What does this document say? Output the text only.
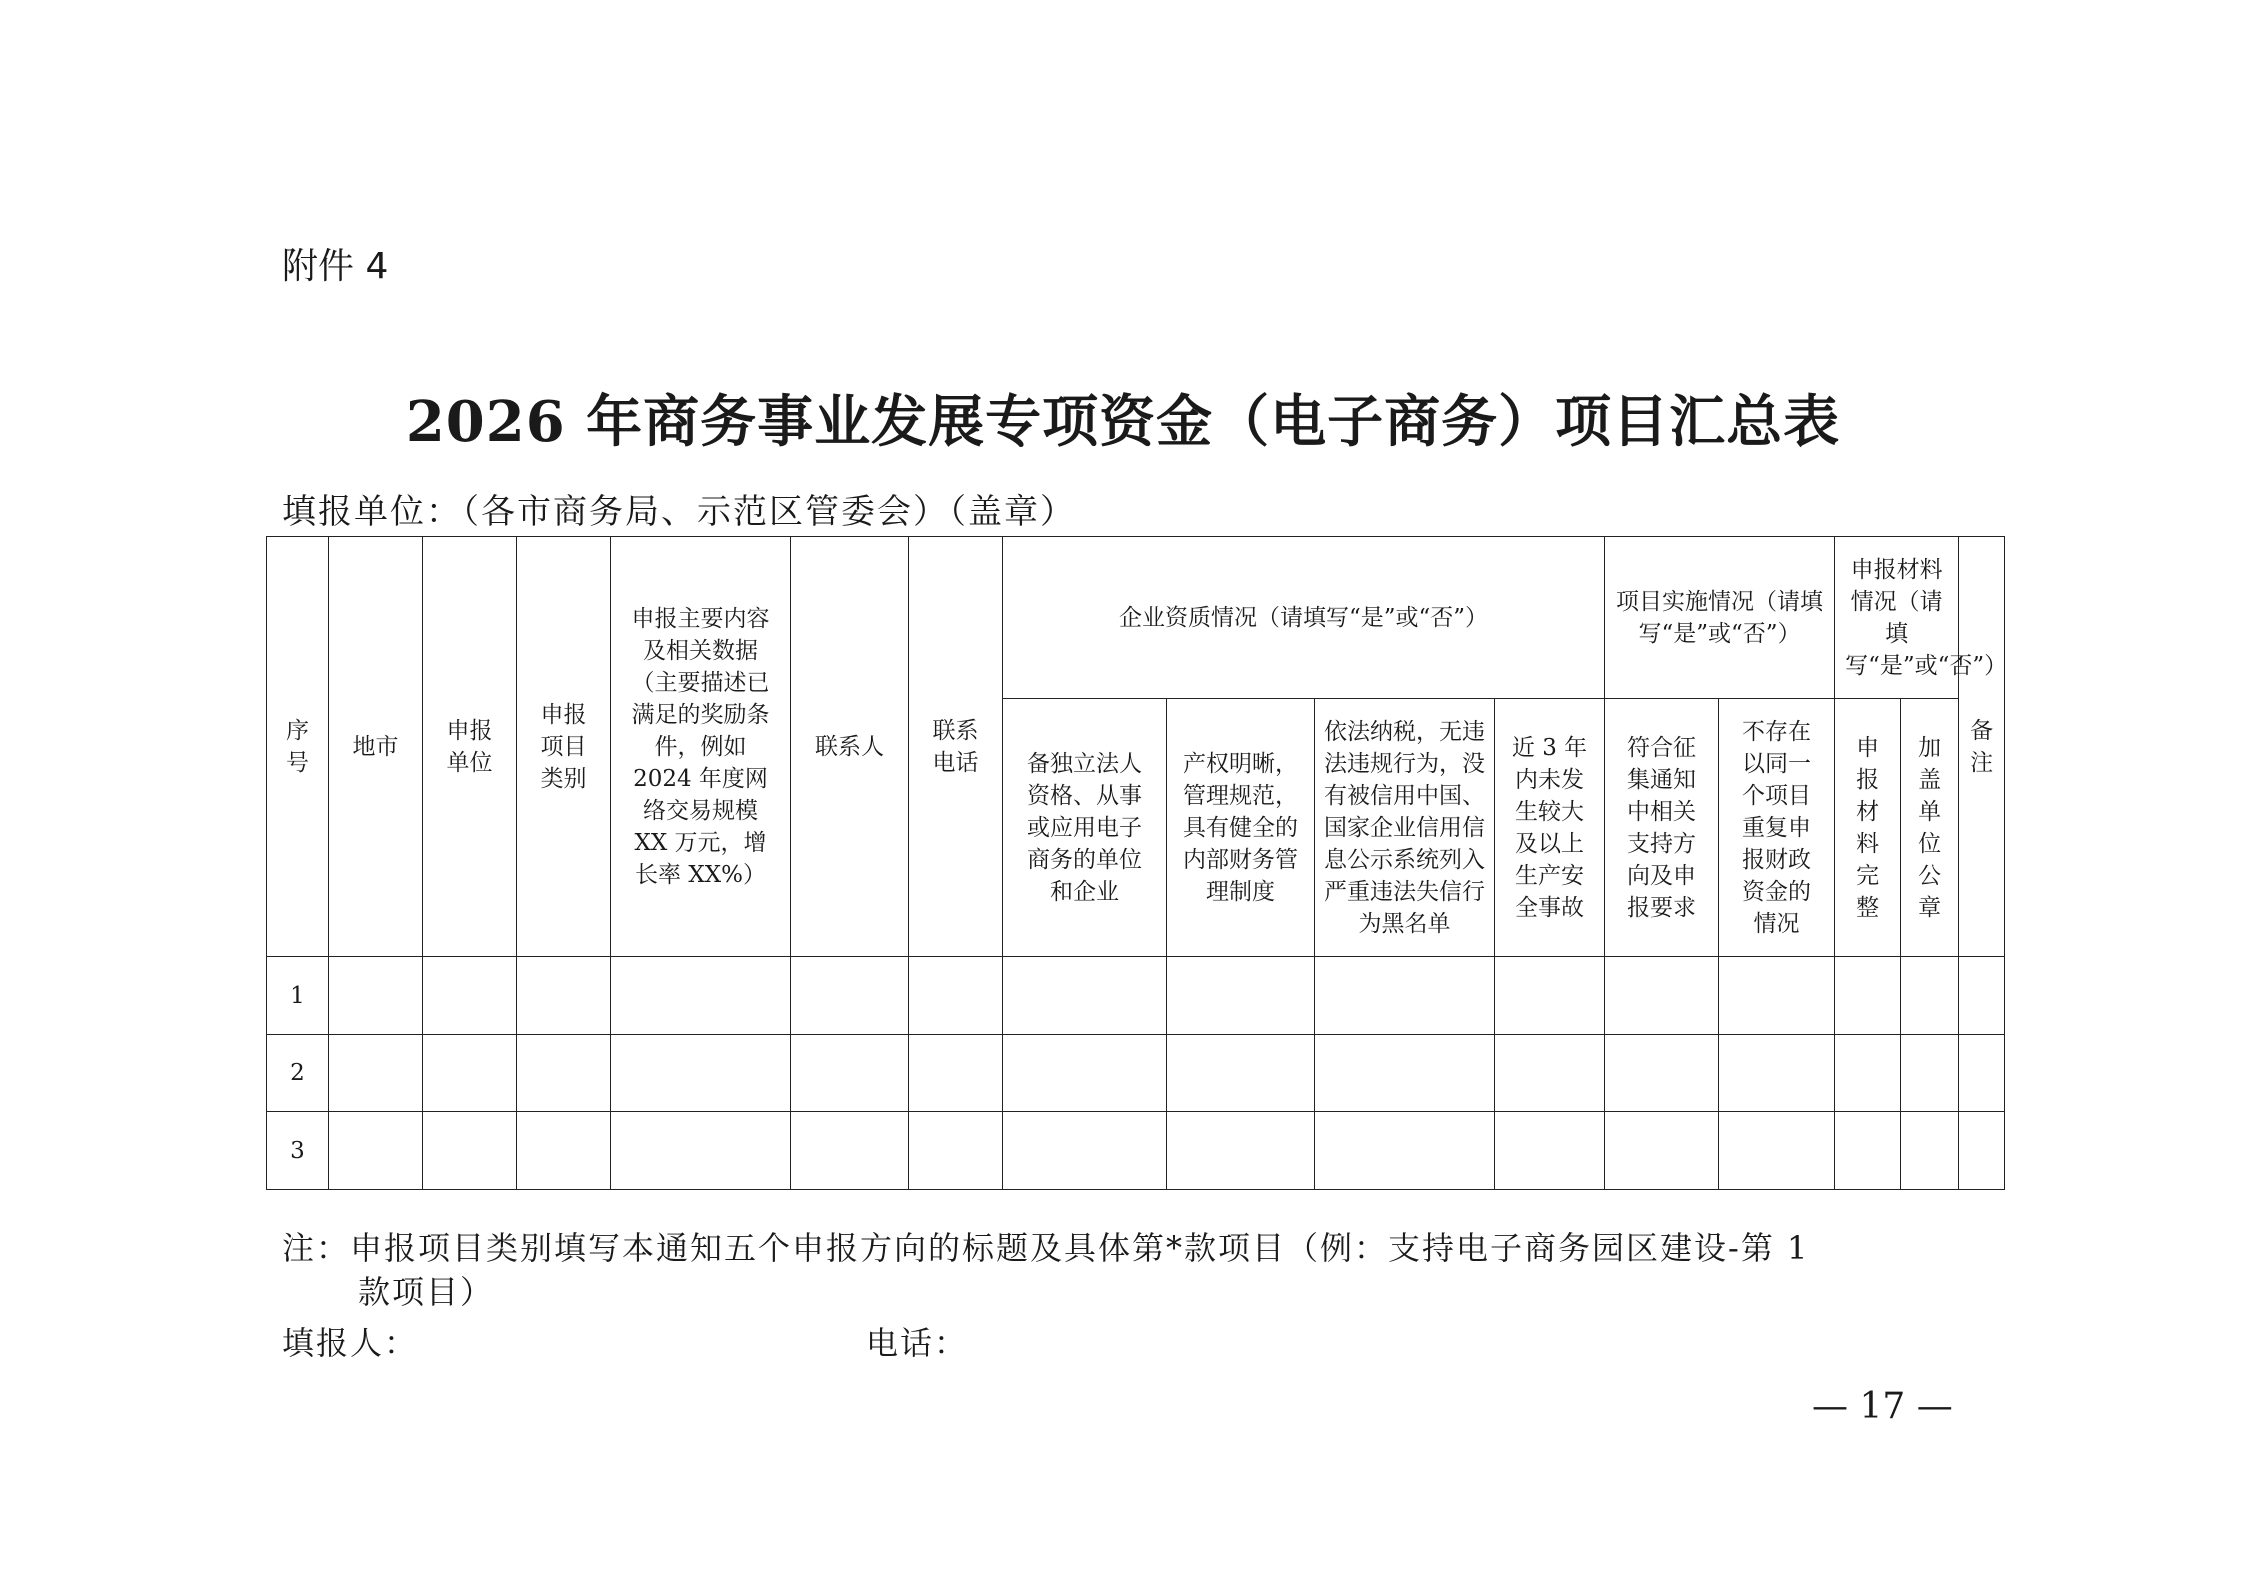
附件 4
2026 年商务事业发展专项资金（电子商务）项目汇总表
填报单位：（各市商务局、示范区管委会）（盖章）
序号	地市	申报单位	申报项目类别	申报主要内容及相关数据（主要描述已满足的奖励条件，例如 2024 年度网络交易规模 XX 万元，增长率 XX%）	联系人	联系电话	企业资质情况（请填写“是”或“否”）				项目实施情况（请填写“是”或“否”）		申报材料情况（请填写“是”或“否”）		备注
							备独立法人资格、从事或应用电子商务的单位和企业	产权明晰，管理规范，具有健全的内部财务管理制度	依法纳税，无违法违规行为，没有被信用中国、国家企业信用信息公示系统列入严重违法失信行为黑名单	近 3 年内未发生较大及以上生产安全事故	符合征集通知中相关支持方向及申报要求	不存在以同一个项目重复申报财政资金的情况	申报材料完整	加盖单位公章	
1															
2															
3															
注：申报项目类别填写本通知五个申报方向的标题及具体第*款项目（例：支持电子商务园区建设-第 1
款项目）
填报人：	电话：
— 17 —
